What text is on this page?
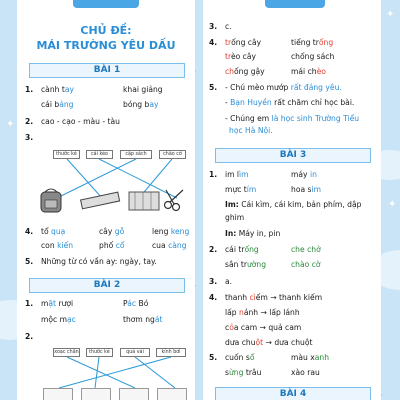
✦
✦
✦
CHỦ ĐỀ:
MÁI TRƯỜNG YÊU DẤU
BÀI 1
1. cành tay	khai giảng
cái bảng	bóng bay
2. cao - cạo - màu - tàu
3.
thước kẻ	cái kéo	cặp sách	chào cờ
4. tổ quạ	cây gỗ	leng keng
con kiến	phố cổ	cua càng
5. Những từ có vần ay: ngày, tay.
BÀI 2
1. mặt rượi	Pác Bó
mộc mạc	thơm ngát
2.
xoạc chân	thước kẻ	quả vải	kính bơi
3. c.
4. trống cây	tiếng trống
trèo cây	chống sách
chống gậy	mái chèo
5. - Chú mèo mướp rất đáng yêu.
- Bạn Huyền rất chăm chỉ học bài.
- Chúng em là học sinh Trường Tiểu
học Hà Nội.
BÀI 3
1. im lìm	máy in
mực tím	hoa sim
Im: Cái kìm, cái kim, bản phím, dập
ghim
In: Máy in, pin
2. cái trống	che chở
sân trường	chào cờ
3. a.
4. thanh cìếm → thanh kiếm
lấp nánh → lấp lánh
cỏa cam → quả cam
dưa chuột → dưa chuột
5. cuốn sổ	màu xanh
sừng trâu	xào rau
BÀI 4
